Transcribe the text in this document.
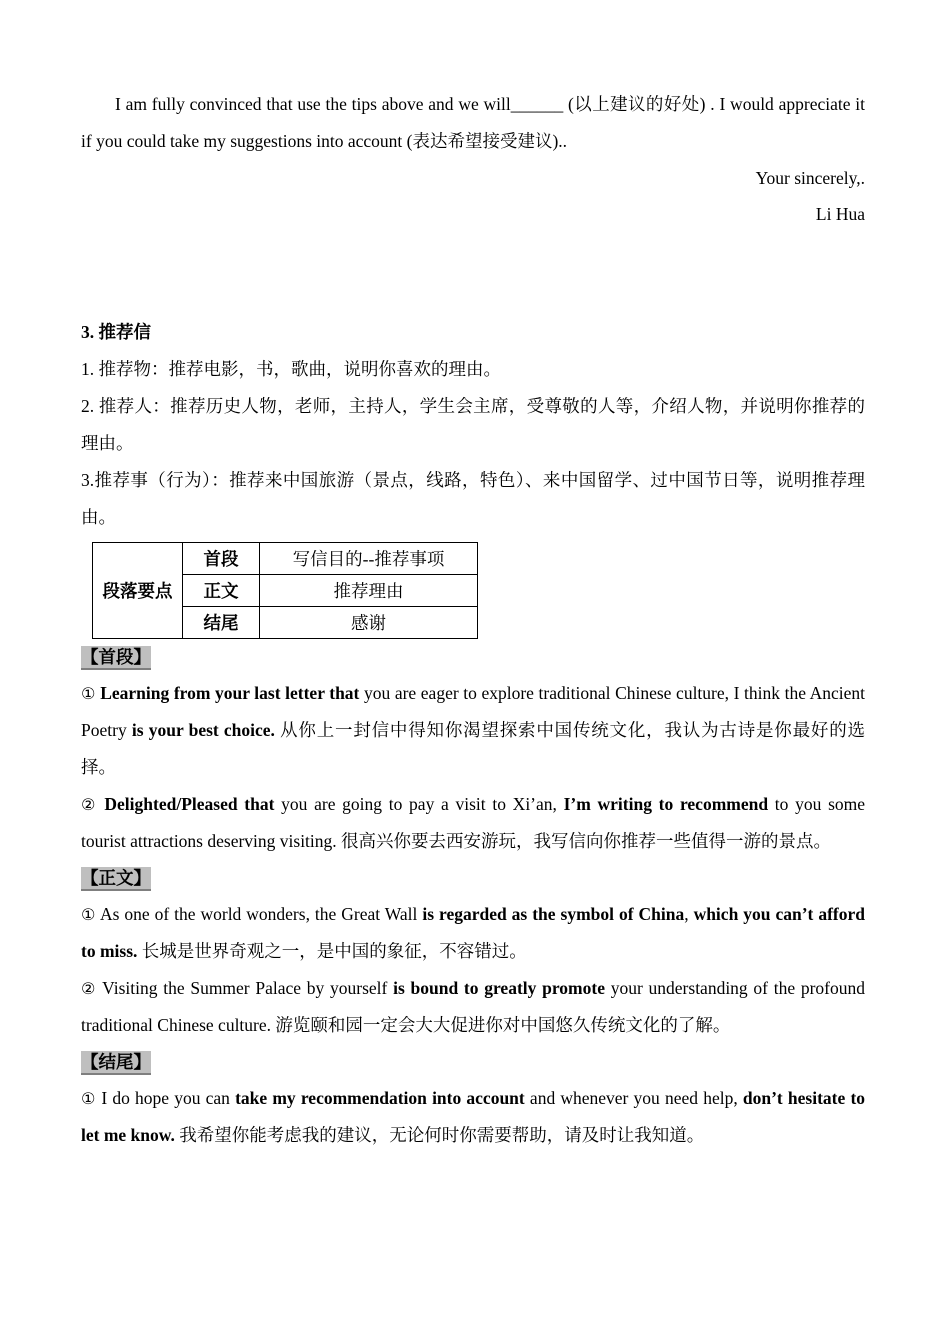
I am fully convinced that use the tips above and we will______ (以上建议的好处) . I would appreciate it if you could take my suggestions into account (表达希望接受建议)..

Your sincerely,.

Li Hua

3. 推荐信

1. 推荐物：推荐电影，书，歌曲，说明你喜欢的理由。

2. 推荐人：推荐历史人物，老师，主持人，学生会主席，受尊敬的人等，介绍人物，并说明你推荐的理由。

3.推荐事（行为）：推荐来中国旅游（景点，线路，特色）、来中国留学、过中国节日等，说明推荐理由。

段落要点	首段	写信目的--推荐事项
	正文	推荐理由
	结尾	感谢
【首段】

① Learning from your last letter that you are eager to explore traditional Chinese culture, I think the Ancient Poetry is your best choice. 从你上一封信中得知你渴望探索中国传统文化，我认为古诗是你最好的选择。

② Delighted/Pleased that you are going to pay a visit to Xi’an, I’m writing to recommend to you some tourist attractions deserving visiting. 很高兴你要去西安游玩，我写信向你推荐一些值得一游的景点。

【正文】

① As one of the world wonders, the Great Wall is regarded as the symbol of China, which you can’t afford to miss. 长城是世界奇观之一，是中国的象征，不容错过。

② Visiting the Summer Palace by yourself is bound to greatly promote your understanding of the profound traditional Chinese culture. 游览颐和园一定会大大促进你对中国悠久传统文化的了解。

【结尾】

① I do hope you can take my recommendation into account and whenever you need help, don’t hesitate to let me know. 我希望你能考虑我的建议，无论何时你需要帮助，请及时让我知道。
